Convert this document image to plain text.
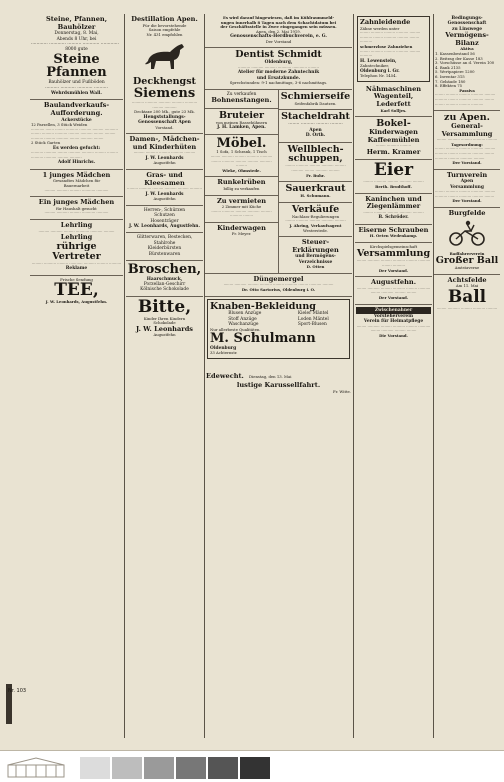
Nr. 103
Steine, Pfannen,
Bauhölzer
Donnerstag, 8. Mai,
Abends 8 Uhr, bei
············ ············ ·········· ············ ·············
8000 gute
Steine
Pfannen
Bauhölzer und Fußböden
·········· ··········· ··········· ··········
Wehrdsmühlen Wall.
Baulandverkaufs-
Aufforderung.
Ackerstücke
12 Parzellen, 3 Stück Weiden
··········· ······· ········ ·········· ·········· ········· ··········· ········ ·········· ·········· ········· ·········· ········ ········· ·········· ········· ·········· ········ ·········· ········
2 Stück Garten
Es werden gefucht:
·········· ·········· ········ ·········· ·········· ········· ········· ·········· ·········· ········· ··········
Adolf Hinrichs.
1 junges Mädchen
Gewandtes Mädchen für
Bauernarbeit
········· ·········· ········· ··········· ··········
Ein junges Mädchen
für Haushalt gesucht
········· ·········· ········· ··········· ··········
Lehrling
········· ·········· ········· ··········· ·········· ·········
Lehrling
rührige Vertreter
········· ·········· ········· ··········· ·········· ········· ··········
Reklame
Frische Sendung
TEE,
J. W. Leonhards, Augustfehn.
Destillation Apen.
Für die bevorstehende
Saison empfehle
Nr. 431 empfohlen
Deckhengst
Siemens
·········· ·········· ·········· ·········· ·········· ········· ··········
Decktaxe 200 Mk., gute 23 Mk.
Hengststallungs-
Genossenschaft Apen
Vorstand.
Damen-, Mädchen-
und Kinderhüten
········· ·········· ········· ·········· ·········
J. W. Leonhards
Augustfehn
Gras- und
Kleesamen
········· ·········· ········· ·········· ········· ··········
J. W. Leonhards
Augustfehn
Herren-, Schürzen
Schutzen
Hosenträger
J. W. Leonhards, Augustfehn.
Glitterwaren, Bestecken, Stahlrohe
Kleiderbürsten
Bürstenwaren
Broschen,
Haarschmuck,
Porzellan-Geschirr
Kölnische Schokolade
Bitte,
Kinder Ihren Kindern
Schokolade
J. W. Leonhards
Augustfehn
Es wird darauf hingewiesen, daß im Kühlraummeld-
ungen innerhalb 8 Tagen nach dem Schachtdatum bei
der Geschäftsstelle in Zwee eingegangen sein müssen.
Apen, den 2. Mai 1919.
Genossenschafts-Herdbuchverein, e. G.
Der Vorstand
Dentist Schmidt
Oldenburg,
·········· ·········· ·········· ··········· ············ ·········
Atelier für moderne Zahntechnik
und Ersatzkunde.
Sprechstunden: 9-1 nachmittags, 3-6 nachmittags.
Zu verkaufen
Bohnenstangen.
Bruteier
von meinen Rassehühnern
J. H. Lamken, Apen.
Möbel.
1 Sofa, 1 Schrank, 1 Tisch
········ ·········· ········· ·········· ·········· ········ ·········· ········· ········· ·········· ·········
Wieke, Ohmstede.
Runkelrüben
billig zu verkaufen
Zu vermieten
2 Zimmer mit Küche
········ ·········· ········· ·········· ········· ·········· ········
Kinderwagen
Fr. Meyer.
Schmierseife
Seifenfabrik Dautzen.
Stacheldraht
········ ·········· ········· ·········
Apen
D. Orth.
Wellblech-
schuppen,
········ ·········· ········· ·········· ········· ·········· ········ ·········· ·········
Fr. Buhr.
Sauerkraut
H. Schumann.
Verkäufe
Nachlass-Regulierungen
········ ·········· ········· ·········· ·········
J. Ahring, Verkaufsagent
Westerstede.
Steuer-Erklärungen
und Bermögens-Verzeichnisse
D. Otten
Düngemergel
········ ·········· ········· ·········· ········· ·········· ········ ·········· ·········
Dr. Otto Sartorius, Oldenburg i. O.
Knaben-Bekleidung
Blusen Anzüge
Stoff Anzüge
Waschanzüge
Kieler Mäntel
Loden Mäntel
Sport-Blusen
Nur allerbeste Qualitäten.
M. Schulmann
Oldenburg
33 Achternstr.
Edewecht. Dienstag, den 13. Mai
lustige Karussellfahrt.
Fr. Witte.
Zahnleidende
Zähne werden unter
········ ·········· ········· ·········· ········· ·········· ········ ·········· ········· ········ ··········
schmerzlose Zahnziehen
········ ·········· ········· ·········· ········· ··········
H. Lewenstein,
Zahntechniker,
Oldenburg i. Gr.
Telephon Nr. 1454.
Nähmaschinen
Wagenteil,
Lederfett
Karl Solljes.
Bokel-
Kinderwagen
Kaffeemühlen
········ ·········· ·········
Herm. Kramer
Eier
········ ·········· ········· ·········· ·········
Berth. Brodthoff.
Kaninchen und
Ziegenlämmer
········ ·········· ········· ·········· ·········
B. Schröder.
Eiserne Schrauben
H. Oeten Wedenkamp.
Kirchspielsgemeinschaft
Versammlung
········ ·········· ········· ·········· ········· ·········· ········ ··········
Der Vorstand.
Augustfehn.
········ ·········· ········· ·········· ········· ·········· ········ ·········· ········· ········
Der Vorstand.
Zwischenahner
Vorsteherverein
Verein für Heimatpflege
········ ·········· ········· ·········· ········· ·········· ········ ·········· ········· ········
Die Vorstand.
Bedingungs-Genossenschaft
zu Linswege
Vermögens-Bilanz
Aktiva
1. Kassenbestand 56
2. Beitrag der Kasse 183
3. Vorschüsse an d. Verein 100
4. Bank 2135
5. Wertpapiere 1200
6. Inventar 315
7. Gebäude 180
8. Effekten 75
Passiva
········ ·········· ········· ·········· ········· ·········· ········ ·········· ········· ········ ········ ·········· ········· ··········
zu Apen.
General-
Versammlung
········ ·········· ········· ·········· ·········
Tagesordnung:
········ ·········· ········· ·········· ········· ·········· ········ ·········· ········· ········ ·········· ········· ·········· ·········
Der Vorstand.
Turnverein
Apen
Versammlung
········ ·········· ········· ·········· ········· ·········· ········ ·········· ········· ········
Der Vorstand.
Burgfelde
Radfahrerverein
Großer Ball
Amtstaverne
Achtsfelde
Am 11. Mai
Ball
········ ·········· ········· ·········· ·········
